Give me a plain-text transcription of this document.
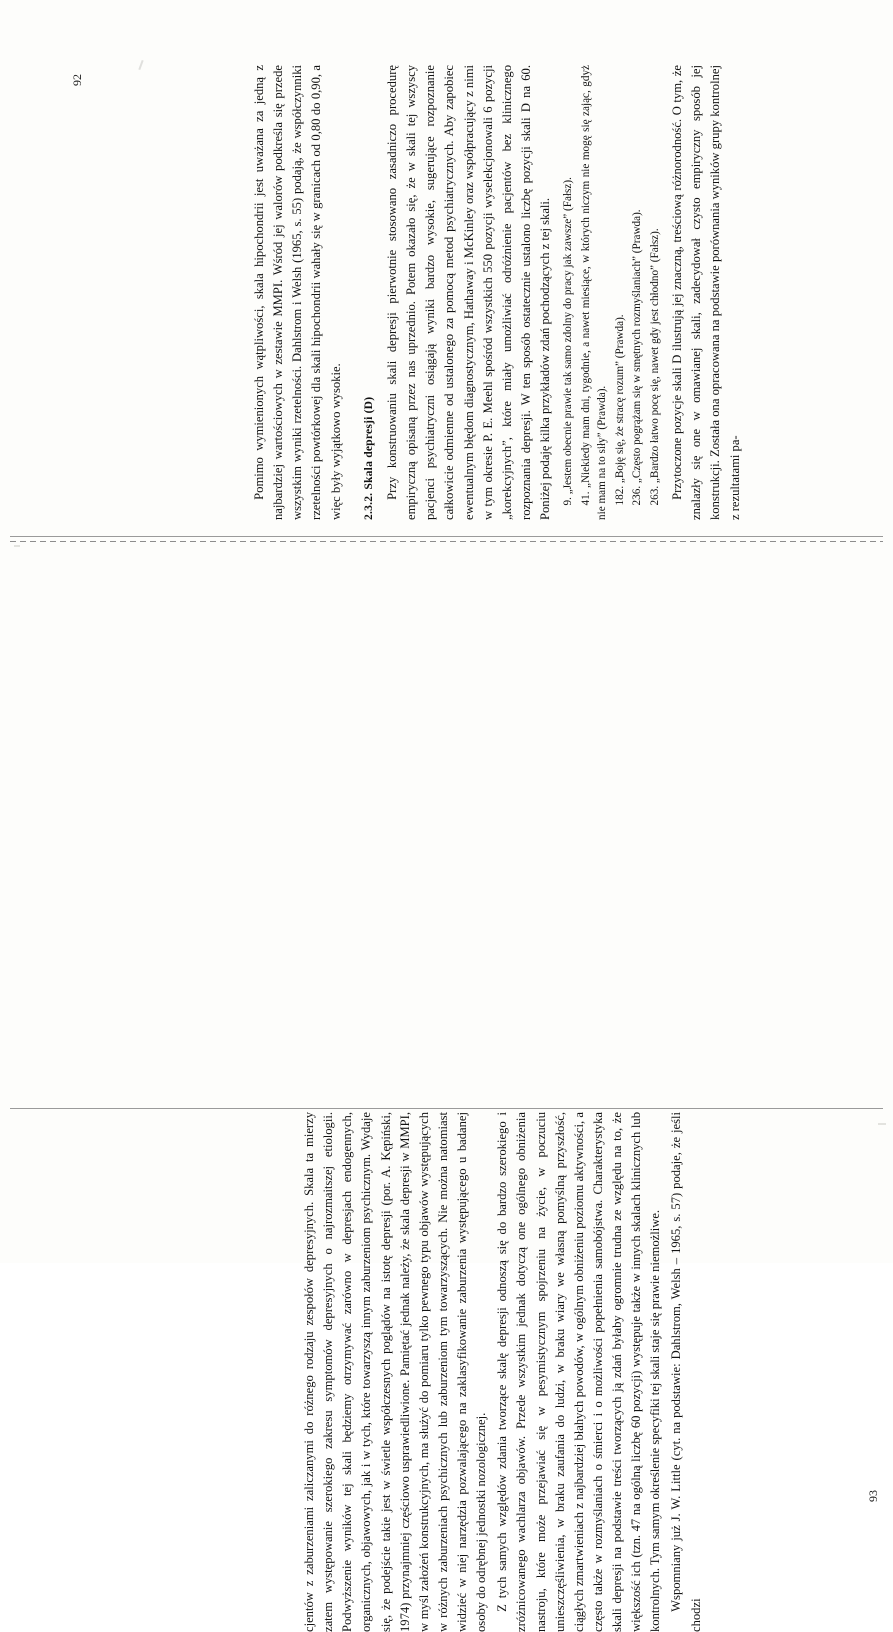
Pomimo wymienionych wątpliwości, skala hipochondrii jest uważana za jedną z najbardziej wartościowych w zestawie MMPI. Wśród jej walorów podkreśla się przede wszystkim wyniki rzetelności. Dahlstrom i Welsh (1965, s. 55) podają, że współczynniki rzetelności powtórkowej dla skali hipochondrii wahały się w granicach od 0,80 do 0,90, a więc były wyjątkowo wysokie. 2.3.2. Skala depresji (D) Przy konstruowaniu skali depresji pierwotnie stosowano zasadniczo procedurę empiryczną opisaną przez nas uprzednio. Potem okazało się, że w skali tej wszyscy pacjenci psychiatryczni osiągają wyniki bardzo wysokie, sugerujące rozpoznanie całkowicie odmienne od ustalonego za pomocą metod psychiatrycznych. Aby zapobiec ewentualnym błędom diagnostycznym, Hathaway i McKinley oraz współpracujący z nimi w tym okresie P. E. Meehl spośród wszystkich 550 pozycji wyselekcjonowali 6 pozycji „korekcyjnych”, które miały umożliwiać odróżnienie pacjentów bez klinicznego rozpoznania depresji. W ten sposób ostatecznie ustalono liczbę pozycji skali D na 60. Poniżej podaję kilka przykładów zdań pochodzących z tej skali. 9. „Jestem obecnie prawie tak samo zdolny do pracy jak zawsze” (Fałsz). 41. „Niekiedy mam dni, tygodnie, a nawet miesiące, w których niczym nie mogę się zając, gdyż nie mam na to siły” (Prawda). 182. „Boję się, że stracę rozum” (Prawda). 236. „Często pogrążam się w smętnych rozmyślaniach” (Prawda). 263. „Bardzo łatwo pocę się, nawet gdy jest chłodno” (Fałsz). Przytoczone pozycje skali D ilustrują jej znaczną, treściową różnorodność. O tym, że znalazły się one w omawianej skali, zadecydował czysto empiryczny sposób jej konstrukcji. Została ona opracowana na podstawie porównania wyników grupy kontrolnej z rezultatami pa-

92

cjentów z zaburzeniami zaliczanymi do różnego rodzaju zespołów depresyjnych. Skala ta mierzy zatem występowanie szerokiego zakresu symptomów depresyjnych o najrozmaitszej etiologii. Podwyższenie wyników tej skali będziemy otrzymywać zarówno w depresjach endogennych, organicznych, objawowych, jak i w tych, które towarzyszą innym zaburzeniom psychicznym. Wydaje się, że podejście takie jest w świetle współczesnych poglądów na istotę depresji (por. A. Kępiński, 1974) przynajmniej częściowo usprawiedliwione. Pamiętać jednak należy, że skala depresji w MMPI, w myśl założeń konstrukcyjnych, ma służyć do pomiaru tylko pewnego typu objawów występujących w różnych zaburzeniach psychicznych lub zaburzeniom tym towarzyszących. Nie można natomiast widzieć w niej narzędzia pozwalającego na zaklasyfikowanie zaburzenia występującego u badanej osoby do odrębnej jednostki nozologicznej. Z tych samych względów zdania tworzące skalę depresji odnoszą się do bardzo szerokiego i zróżnicowanego wachlarza objawów. Przede wszystkim jednak dotyczą one ogólnego obniżenia nastroju, które może przejawiać się w pesymistycznym spojrzeniu na życie, w poczuciu unieszczęśliwienia, w braku zaufania do ludzi, w braku wiary we własną pomyślną przyszłość, ciągłych zmartwieniach z najbardziej błahych powodów, w ogólnym obniżeniu poziomu aktywności, a często także w rozmyślaniach o śmierci i o możliwości popełnienia samobójstwa. Charakterystyka skali depresji na podstawie treści tworzących ją zdań byłaby ogromnie trudna ze względu na to, że większość ich (tzn. 47 na ogólną liczbę 60 pozycji) występuje także w innych skalach klinicznych lub kontrolnych. Tym samym określenie specyfiki tej skali staje się prawie niemożliwe. Wspomniany już J. W. Little (cyt. na podstawie: Dahlstrom, Welsh – 1965, s. 57) podaje, że jeśli chodzi

93
